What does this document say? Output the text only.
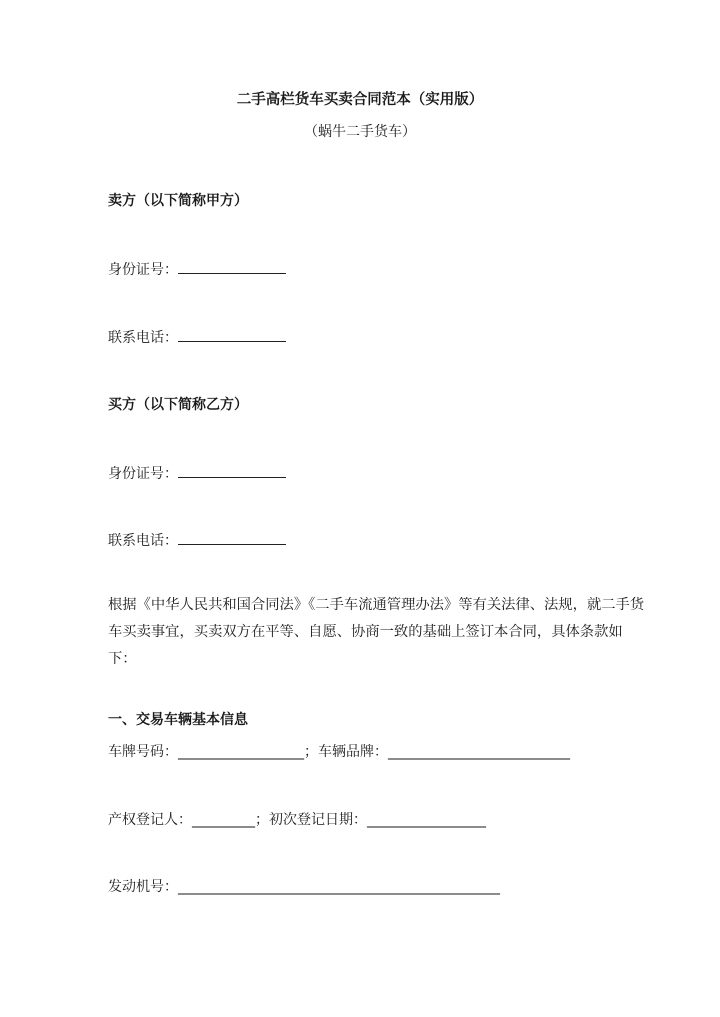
二手高栏货车买卖合同范本（实用版）
（蜗牛二手货车）
卖方（以下简称甲方）
身份证号：
联系电话：
买方（以下简称乙方）
身份证号：
联系电话：
根据《中华人民共和国合同法》《二手车流通管理办法》等有关法律、法规，就二手货车买卖事宜，买卖双方在平等、自愿、协商一致的基础上签订本合同，具体条款如下：
一、交易车辆基本信息
车牌号码：__________________；车辆品牌：__________________________
产权登记人：_________；初次登记日期：_________________
发动机号：______________________________________________
